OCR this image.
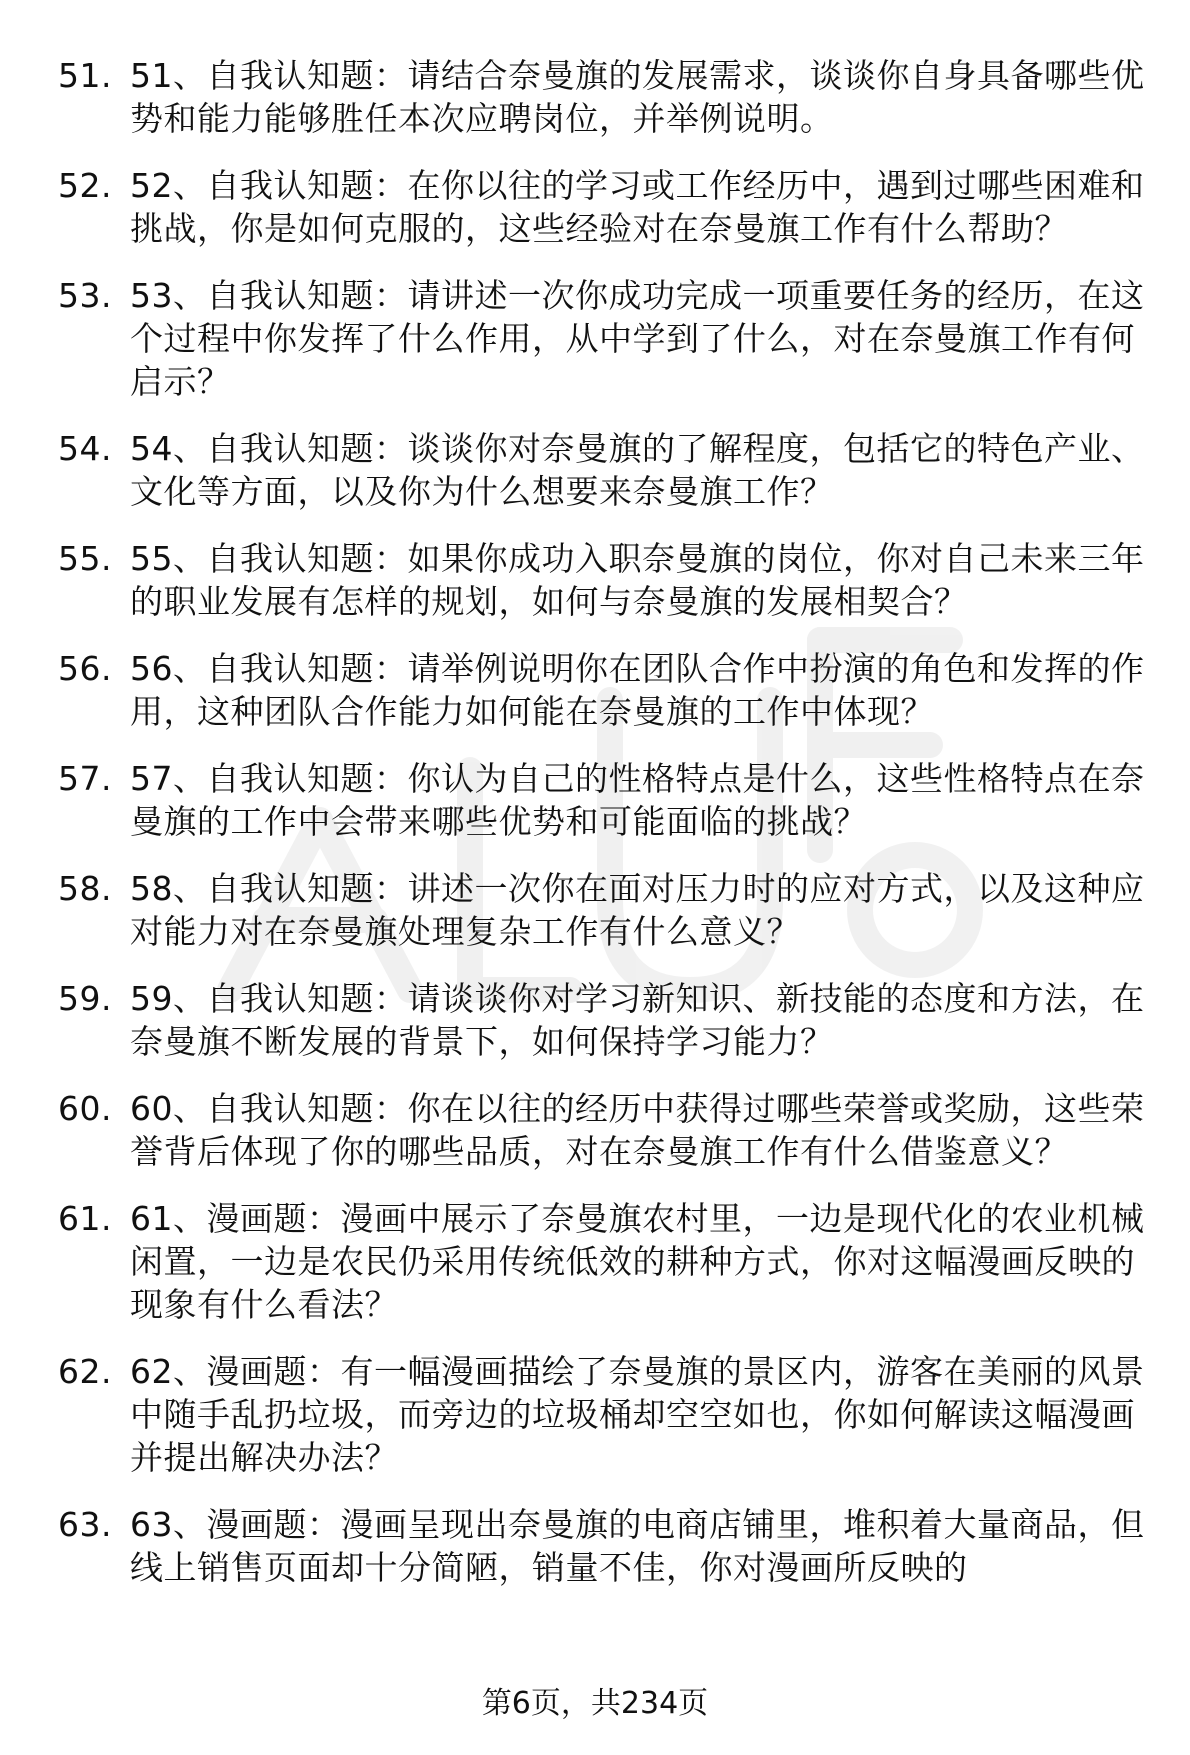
51. 51、自我认知题：请结合奈曼旗的发展需求，谈谈你自身具备哪些优势和能力能够胜任本次应聘岗位，并举例说明。
52. 52、自我认知题：在你以往的学习或工作经历中，遇到过哪些困难和挑战，你是如何克服的，这些经验对在奈曼旗工作有什么帮助？
53. 53、自我认知题：请讲述一次你成功完成一项重要任务的经历，在这个过程中你发挥了什么作用，从中学到了什么，对在奈曼旗工作有何启示？
54. 54、自我认知题：谈谈你对奈曼旗的了解程度，包括它的特色产业、文化等方面，以及你为什么想要来奈曼旗工作？
55. 55、自我认知题：如果你成功入职奈曼旗的岗位，你对自己未来三年的职业发展有怎样的规划，如何与奈曼旗的发展相契合？
56. 56、自我认知题：请举例说明你在团队合作中扮演的角色和发挥的作用，这种团队合作能力如何能在奈曼旗的工作中体现？
57. 57、自我认知题：你认为自己的性格特点是什么，这些性格特点在奈曼旗的工作中会带来哪些优势和可能面临的挑战？
58. 58、自我认知题：讲述一次你在面对压力时的应对方式，以及这种应对能力对在奈曼旗处理复杂工作有什么意义？
59. 59、自我认知题：请谈谈你对学习新知识、新技能的态度和方法，在奈曼旗不断发展的背景下，如何保持学习能力？
60. 60、自我认知题：你在以往的经历中获得过哪些荣誉或奖励，这些荣誉背后体现了你的哪些品质，对在奈曼旗工作有什么借鉴意义？
61. 61、漫画题：漫画中展示了奈曼旗农村里，一边是现代化的农业机械闲置，一边是农民仍采用传统低效的耕种方式，你对这幅漫画反映的现象有什么看法？
62. 62、漫画题：有一幅漫画描绘了奈曼旗的景区内，游客在美丽的风景中随手乱扔垃圾，而旁边的垃圾桶却空空如也，你如何解读这幅漫画并提出解决办法？
63. 63、漫画题：漫画呈现出奈曼旗的电商店铺里，堆积着大量商品，但线上销售页面却十分简陋，销量不佳，你对漫画所反映的
第6页，共234页
